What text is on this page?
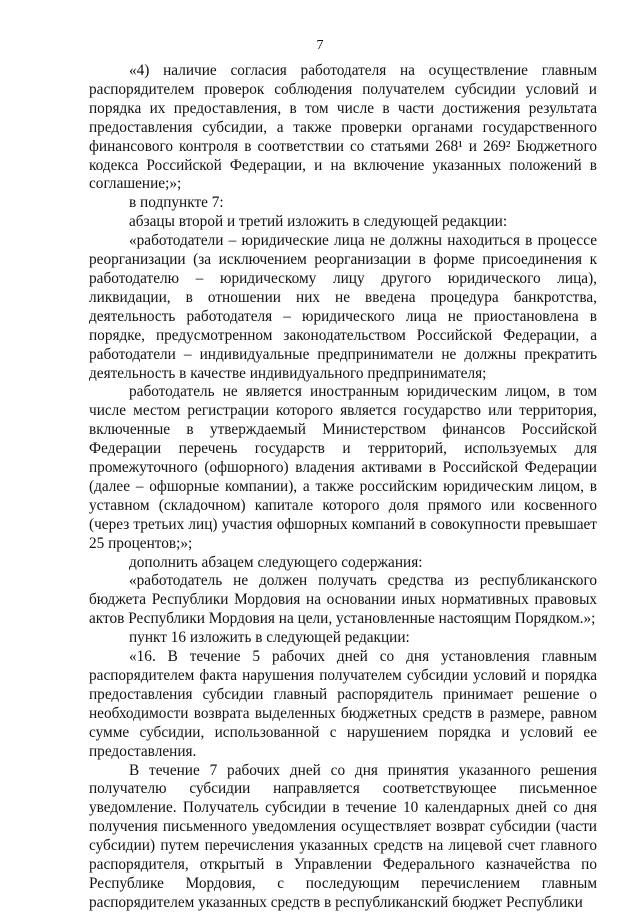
7

«4) наличие согласия работодателя на осуществление главным распорядителем проверок соблюдения получателем субсидии условий и порядка их предоставления, в том числе в части достижения результата предоставления субсидии, а также проверки органами государственного финансового контроля в соответствии со статьями 268¹ и 269² Бюджетного кодекса Российской Федерации, и на включение указанных положений в соглашение;»;

в подпункте 7:

абзацы второй и третий изложить в следующей редакции:

«работодатели – юридические лица не должны находиться в процессе реорганизации (за исключением реорганизации в форме присоединения к работодателю – юридическому лицу другого юридического лица), ликвидации, в отношении них не введена процедура банкротства, деятельность работодателя – юридического лица не приостановлена в порядке, предусмотренном законодательством Российской Федерации, а работодатели – индивидуальные предприниматели не должны прекратить деятельность в качестве индивидуального предпринимателя;

работодатель не является иностранным юридическим лицом, в том числе местом регистрации которого является государство или территория, включенные в утверждаемый Министерством финансов Российской Федерации перечень государств и территорий, используемых для промежуточного (офшорного) владения активами в Российской Федерации (далее – офшорные компании), а также российским юридическим лицом, в уставном (складочном) капитале которого доля прямого или косвенного (через третьих лиц) участия офшорных компаний в совокупности превышает 25 процентов;»;

дополнить абзацем следующего содержания:

«работодатель не должен получать средства из республиканского бюджета Республики Мордовия на основании иных нормативных правовых актов Республики Мордовия на цели, установленные настоящим Порядком.»;

пункт 16 изложить в следующей редакции:

«16. В течение 5 рабочих дней со дня установления главным распорядителем факта нарушения получателем субсидии условий и порядка предоставления субсидии главный распорядитель принимает решение о необходимости возврата выделенных бюджетных средств в размере, равном сумме субсидии, использованной с нарушением порядка и условий ее предоставления.

В течение 7 рабочих дней со дня принятия указанного решения получателю субсидии направляется соответствующее письменное уведомление. Получатель субсидии в течение 10 календарных дней со дня получения письменного уведомления осуществляет возврат субсидии (части субсидии) путем перечисления указанных средств на лицевой счет главного распорядителя, открытый в Управлении Федерального казначейства по Республике Мордовия, с последующим перечислением главным распорядителем указанных средств в республиканский бюджет Республики
